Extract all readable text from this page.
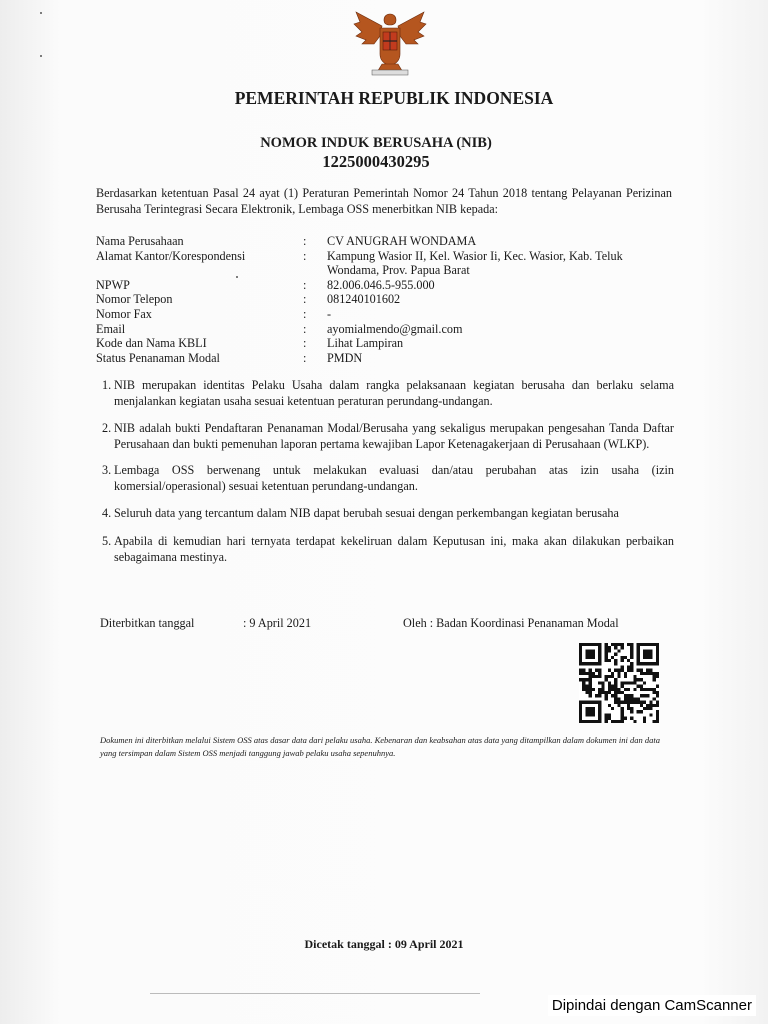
PEMERINTAH REPUBLIK INDONESIA
NOMOR INDUK BERUSAHA (NIB)
1225000430295
Berdasarkan ketentuan Pasal 24 ayat (1) Peraturan Pemerintah Nomor 24 Tahun 2018 tentang Pelayanan Perizinan Berusaha Terintegrasi Secara Elektronik, Lembaga OSS menerbitkan NIB kepada:
Nama Perusahaan	:	CV ANUGRAH WONDAMA
Alamat Kantor/Korespondensi	:	Kampung Wasior II, Kel. Wasior Ii, Kec. Wasior, Kab. Teluk Wondama, Prov. Papua Barat
NPWP	:	82.006.046.5-955.000
Nomor Telepon	:	081240101602
Nomor Fax	:	-
Email	:	ayomialmendo@gmail.com
Kode dan Nama KBLI	:	Lihat Lampiran
Status Penanaman Modal	:	PMDN
1. NIB merupakan identitas Pelaku Usaha dalam rangka pelaksanaan kegiatan berusaha dan berlaku selama menjalankan kegiatan usaha sesuai ketentuan peraturan perundang-undangan.
2. NIB adalah bukti Pendaftaran Penanaman Modal/Berusaha yang sekaligus merupakan pengesahan Tanda Daftar Perusahaan dan bukti pemenuhan laporan pertama kewajiban Lapor Ketenagakerjaan di Perusahaan (WLKP).
3. Lembaga OSS berwenang untuk melakukan evaluasi dan/atau perubahan atas izin usaha (izin komersial/operasional) sesuai ketentuan perundang-undangan.
4. Seluruh data yang tercantum dalam NIB dapat berubah sesuai dengan perkembangan kegiatan berusaha
5. Apabila di kemudian hari ternyata terdapat kekeliruan dalam Keputusan ini, maka akan dilakukan perbaikan sebagaimana mestinya.
Diterbitkan tanggal	: 9 April 2021	Oleh : Badan Koordinasi Penanaman Modal
Dokumen ini diterbitkan melalui Sistem OSS atas dasar data dari pelaku usaha. Kebenaran dan keabsahan atas data yang ditampilkan dalam dokumen ini dan data yang tersimpan dalam Sistem OSS menjadi tanggung jawab pelaku usaha sepenuhnya.
Dicetak tanggal : 09 April 2021
Dipindai dengan CamScanner
